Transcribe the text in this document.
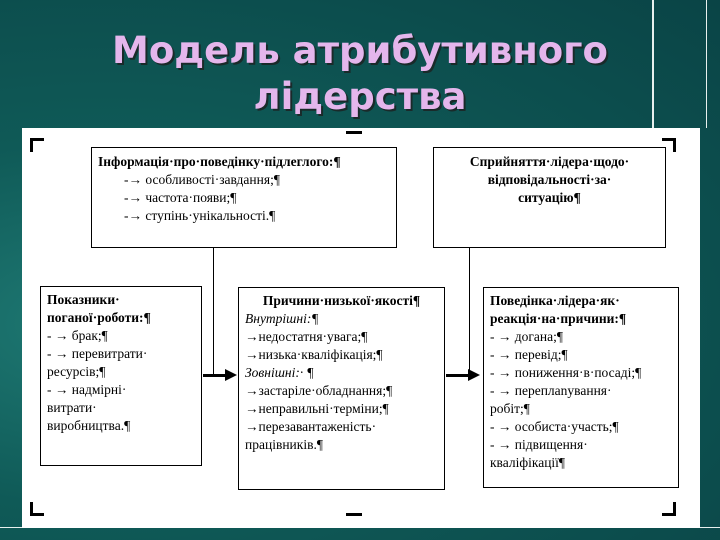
Модель атрибутивного
лідерства
Інформація·про·поведінку·підлеглого:¶
-→ особливості·завдання;¶
-→ частота·появи;¶
-→ ступінь·унікальності.¶
Сприйняття·лідера·щодо·
відповідальності·за·
ситуацію¶
Показники·
поганої·роботи:¶
- → брак;¶
- → перевитрати·
ресурсів;¶
- → надмірні·
витрати·
виробництва.¶
Причини·низької·якості¶
Внутрішні:¶
→недостатня·увага;¶
→низька·кваліфікація;¶
Зовнішні:· ¶
→застаріле·обладнання;¶
→неправильні·терміни;¶
→перезавантаженість·
працівників.¶
Поведінка·лідера·як·
реакція·на·причини:¶
- → догана;¶
- → перевід;¶
- → пониження·в·посаді;¶
- → переплanування·
робіт;¶
- → особиста·участь;¶
- → підвищення·
кваліфікації¶
